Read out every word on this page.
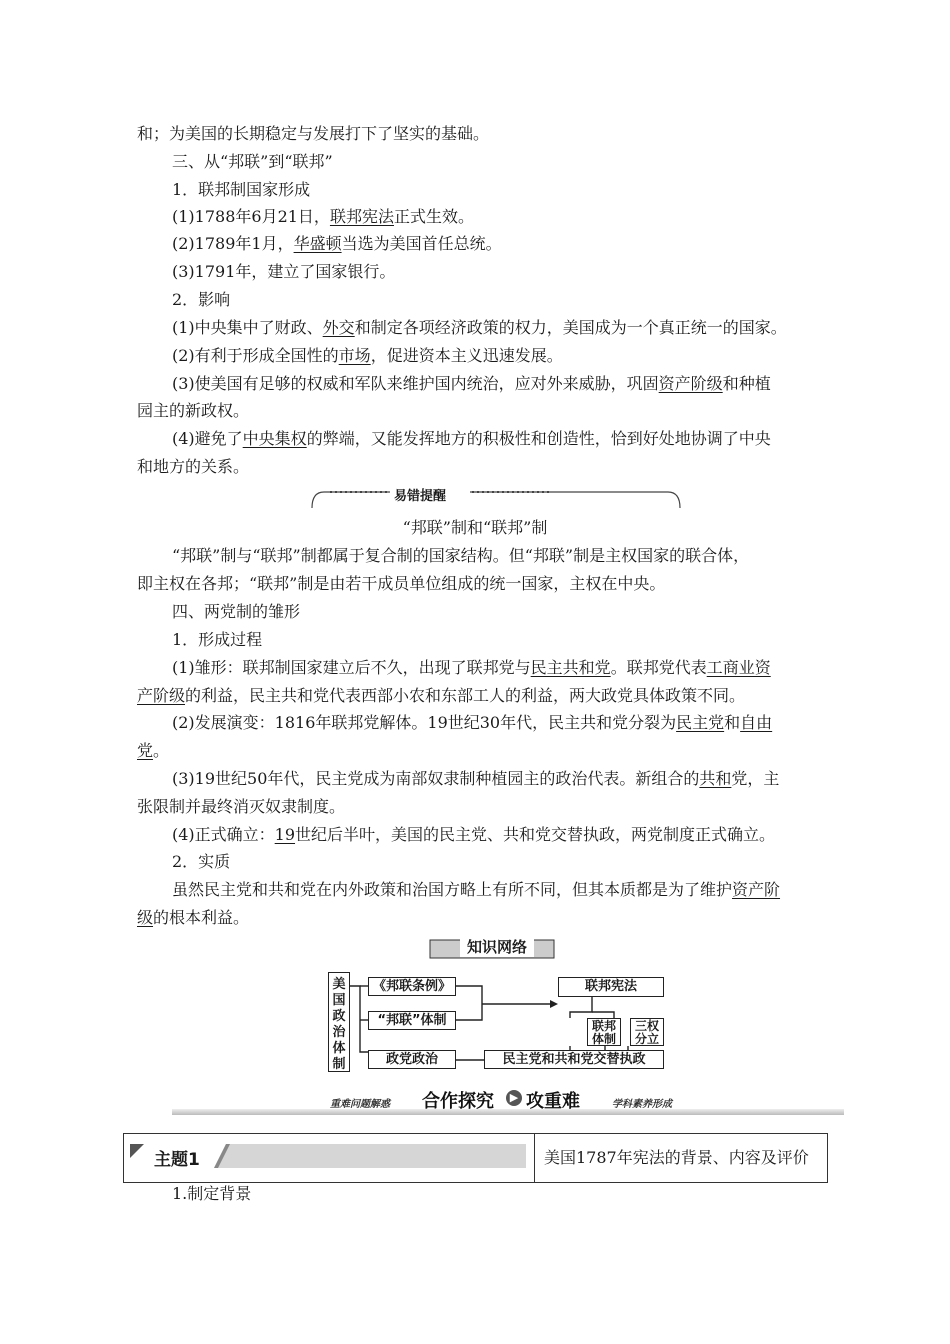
和；为美国的长期稳定与发展打下了坚实的基础。
三、从“邦联”到“联邦”
1．联邦制国家形成
(1)1788年6月21日，联邦宪法正式生效。
(2)1789年1月，华盛顿当选为美国首任总统。
(3)1791年，建立了国家银行。
2．影响
(1)中央集中了财政、外交和制定各项经济政策的权力，美国成为一个真正统一的国家。
(2)有利于形成全国性的市场，促进资本主义迅速发展。
(3)使美国有足够的权威和军队来维护国内统治，应对外来威胁，巩固资产阶级和种植
园主的新政权。
(4)避免了中央集权的弊端，又能发挥地方的积极性和创造性，恰到好处地协调了中央
和地方的关系。
易错提醒
“邦联”制和“联邦”制
“邦联”制与“联邦”制都属于复合制的国家结构。但“邦联”制是主权国家的联合体，
即主权在各邦；“联邦”制是由若干成员单位组成的统一国家，主权在中央。
四、两党制的雏形
1．形成过程
(1)雏形：联邦制国家建立后不久，出现了联邦党与民主共和党。联邦党代表工商业资
产阶级的利益，民主共和党代表西部小农和东部工人的利益，两大政党具体政策不同。
(2)发展演变：1816年联邦党解体。19世纪30年代，民主共和党分裂为民主党和自由
党。
(3)19世纪50年代，民主党成为南部奴隶制种植园主的政治代表。新组合的共和党，主
张限制并最终消灭奴隶制度。
(4)正式确立：19世纪后半叶，美国的民主党、共和党交替执政，两党制度正式确立。
2．实质
虽然民主党和共和党在内外政策和治国方略上有所不同，但其本质都是为了维护资产阶
级的根本利益。
知识网络
美国政治体制
《邦联条例》
“邦联”体制
政党政治
联邦宪法
联邦体制
三权分立
民主党和共和党交替执政
重难问题解惑 合作探究	▶ 攻重难	学科素养形成
主题1	美国1787年宪法的背景、内容及评价
1.制定背景
